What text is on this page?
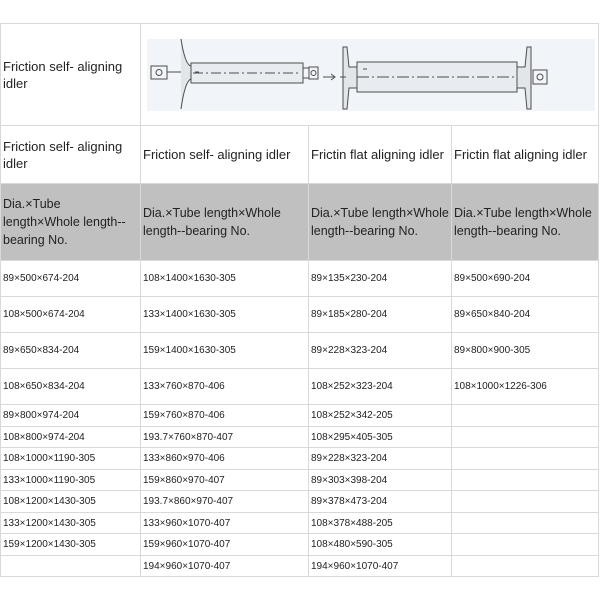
Friction self- aligning idler	

Friction self- aligning idler	Friction self- aligning idler	Frictin flat aligning idler	Frictin flat aligning idler
Dia.×Tube length×Whole length--bearing No.	Dia.×Tube length×Whole length--bearing No.	Dia.×Tube length×Whole length--bearing No.	Dia.×Tube length×Whole length--bearing No.
89×500×674-204	108×1400×1630-305	89×135×230-204	89×500×690-204
108×500×674-204	133×1400×1630-305	89×185×280-204	89×650×840-204
89×650×834-204	159×1400×1630-305	89×228×323-204	89×800×900-305
108×650×834-204	133×760×870-406	108×252×323-204	108×1000×1226-306
89×800×974-204	159×760×870-406	108×252×342-205	
108×800×974-204	193.7×760×870-407	108×295×405-305	
108×1000×1190-305	133×860×970-406	89×228×323-204	
133×1000×1190-305	159×860×970-407	89×303×398-204	
108×1200×1430-305	193.7×860×970-407	89×378×473-204	
133×1200×1430-305	133×960×1070-407	108×378×488-205	
159×1200×1430-305	159×960×1070-407	108×480×590-305	
	194×960×1070-407	194×960×1070-407	
